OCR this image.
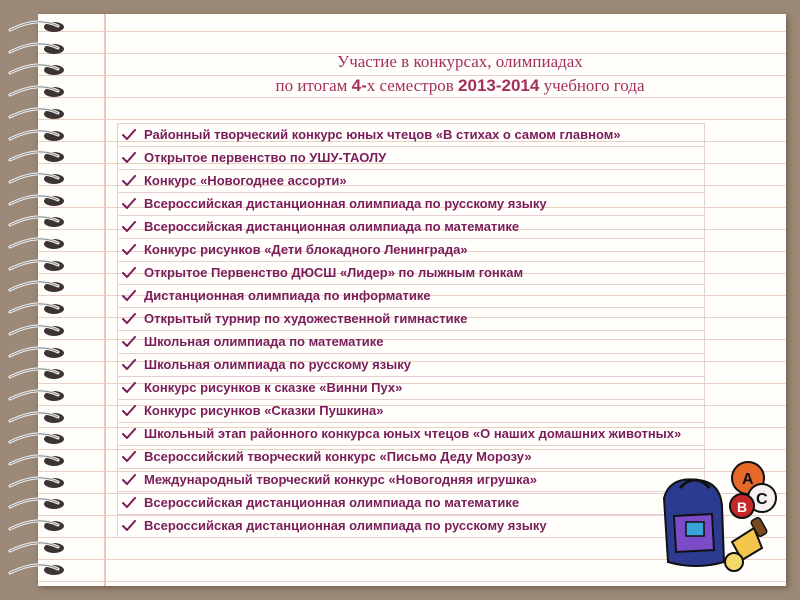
Участие в конкурсах, олимпиадах
по итогам 4-х семестров 2013-2014 учебного года
Районный творческий конкурс юных чтецов «В стихах о самом главном»
Открытое первенство по УШУ-ТАОЛУ
Конкурс «Новогоднее ассорти»
Всероссийская дистанционная олимпиада по русскому языку
Всероссийская дистанционная олимпиада по математике
Конкурс рисунков «Дети блокадного Ленинграда»
Открытое Первенство ДЮСШ «Лидер» по лыжным гонкам
Дистанционная олимпиада по информатике
Открытый турнир по художественной гимнастике
Школьная олимпиада по математике
Школьная олимпиада по русскому языку
Конкурс рисунков к сказке «Винни Пух»
Конкурс рисунков «Сказки Пушкина»
Школьный этап районного конкурса юных чтецов «О наших домашних животных»
Всероссийский творческий конкурс «Письмо Деду Морозу»
Международный творческий конкурс «Новогодняя игрушка»
Всероссийская дистанционная олимпиада по математике
Всероссийская дистанционная олимпиада по русскому языку
A
C
B
